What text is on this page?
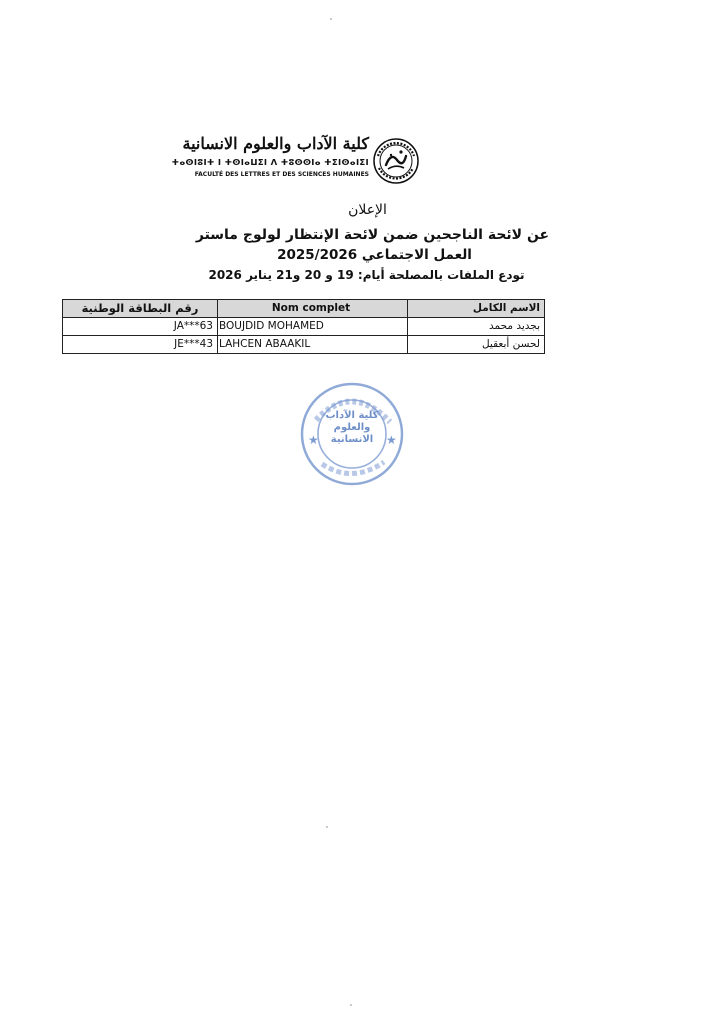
كلية الآداب والعلوم الانسانية
ⵜⴰⵙⵏⵓⵏⵜ ⵏ ⵜⵙⵏⴰⵡⵉⵏ ⴷ ⵜⵓⵙⵙⵏⴰ ⵜⵉⵏⵙⴰⵏⵉⵏ
FACULTÉ DES LETTRES ET DES SCIENCES HUMAINES
الإعلان
عن لائحة الناجحين ضمن لائحة الإنتظار لولوج ماستر
العمل الاجتماعي 2025/2026
تودع الملفات بالمصلحة أيام: 19 و 20 و21 يناير 2026
رقم البطاقة الوطنية	Nom complet	الاسم الكامل
JA***63	BOUJDID MOHAMED	بجديد محمد
JE***43	LAHCEN ABAAKIL	لحسن أبعقيل
★	★
كلية الآداب والعلوم الانسانية
